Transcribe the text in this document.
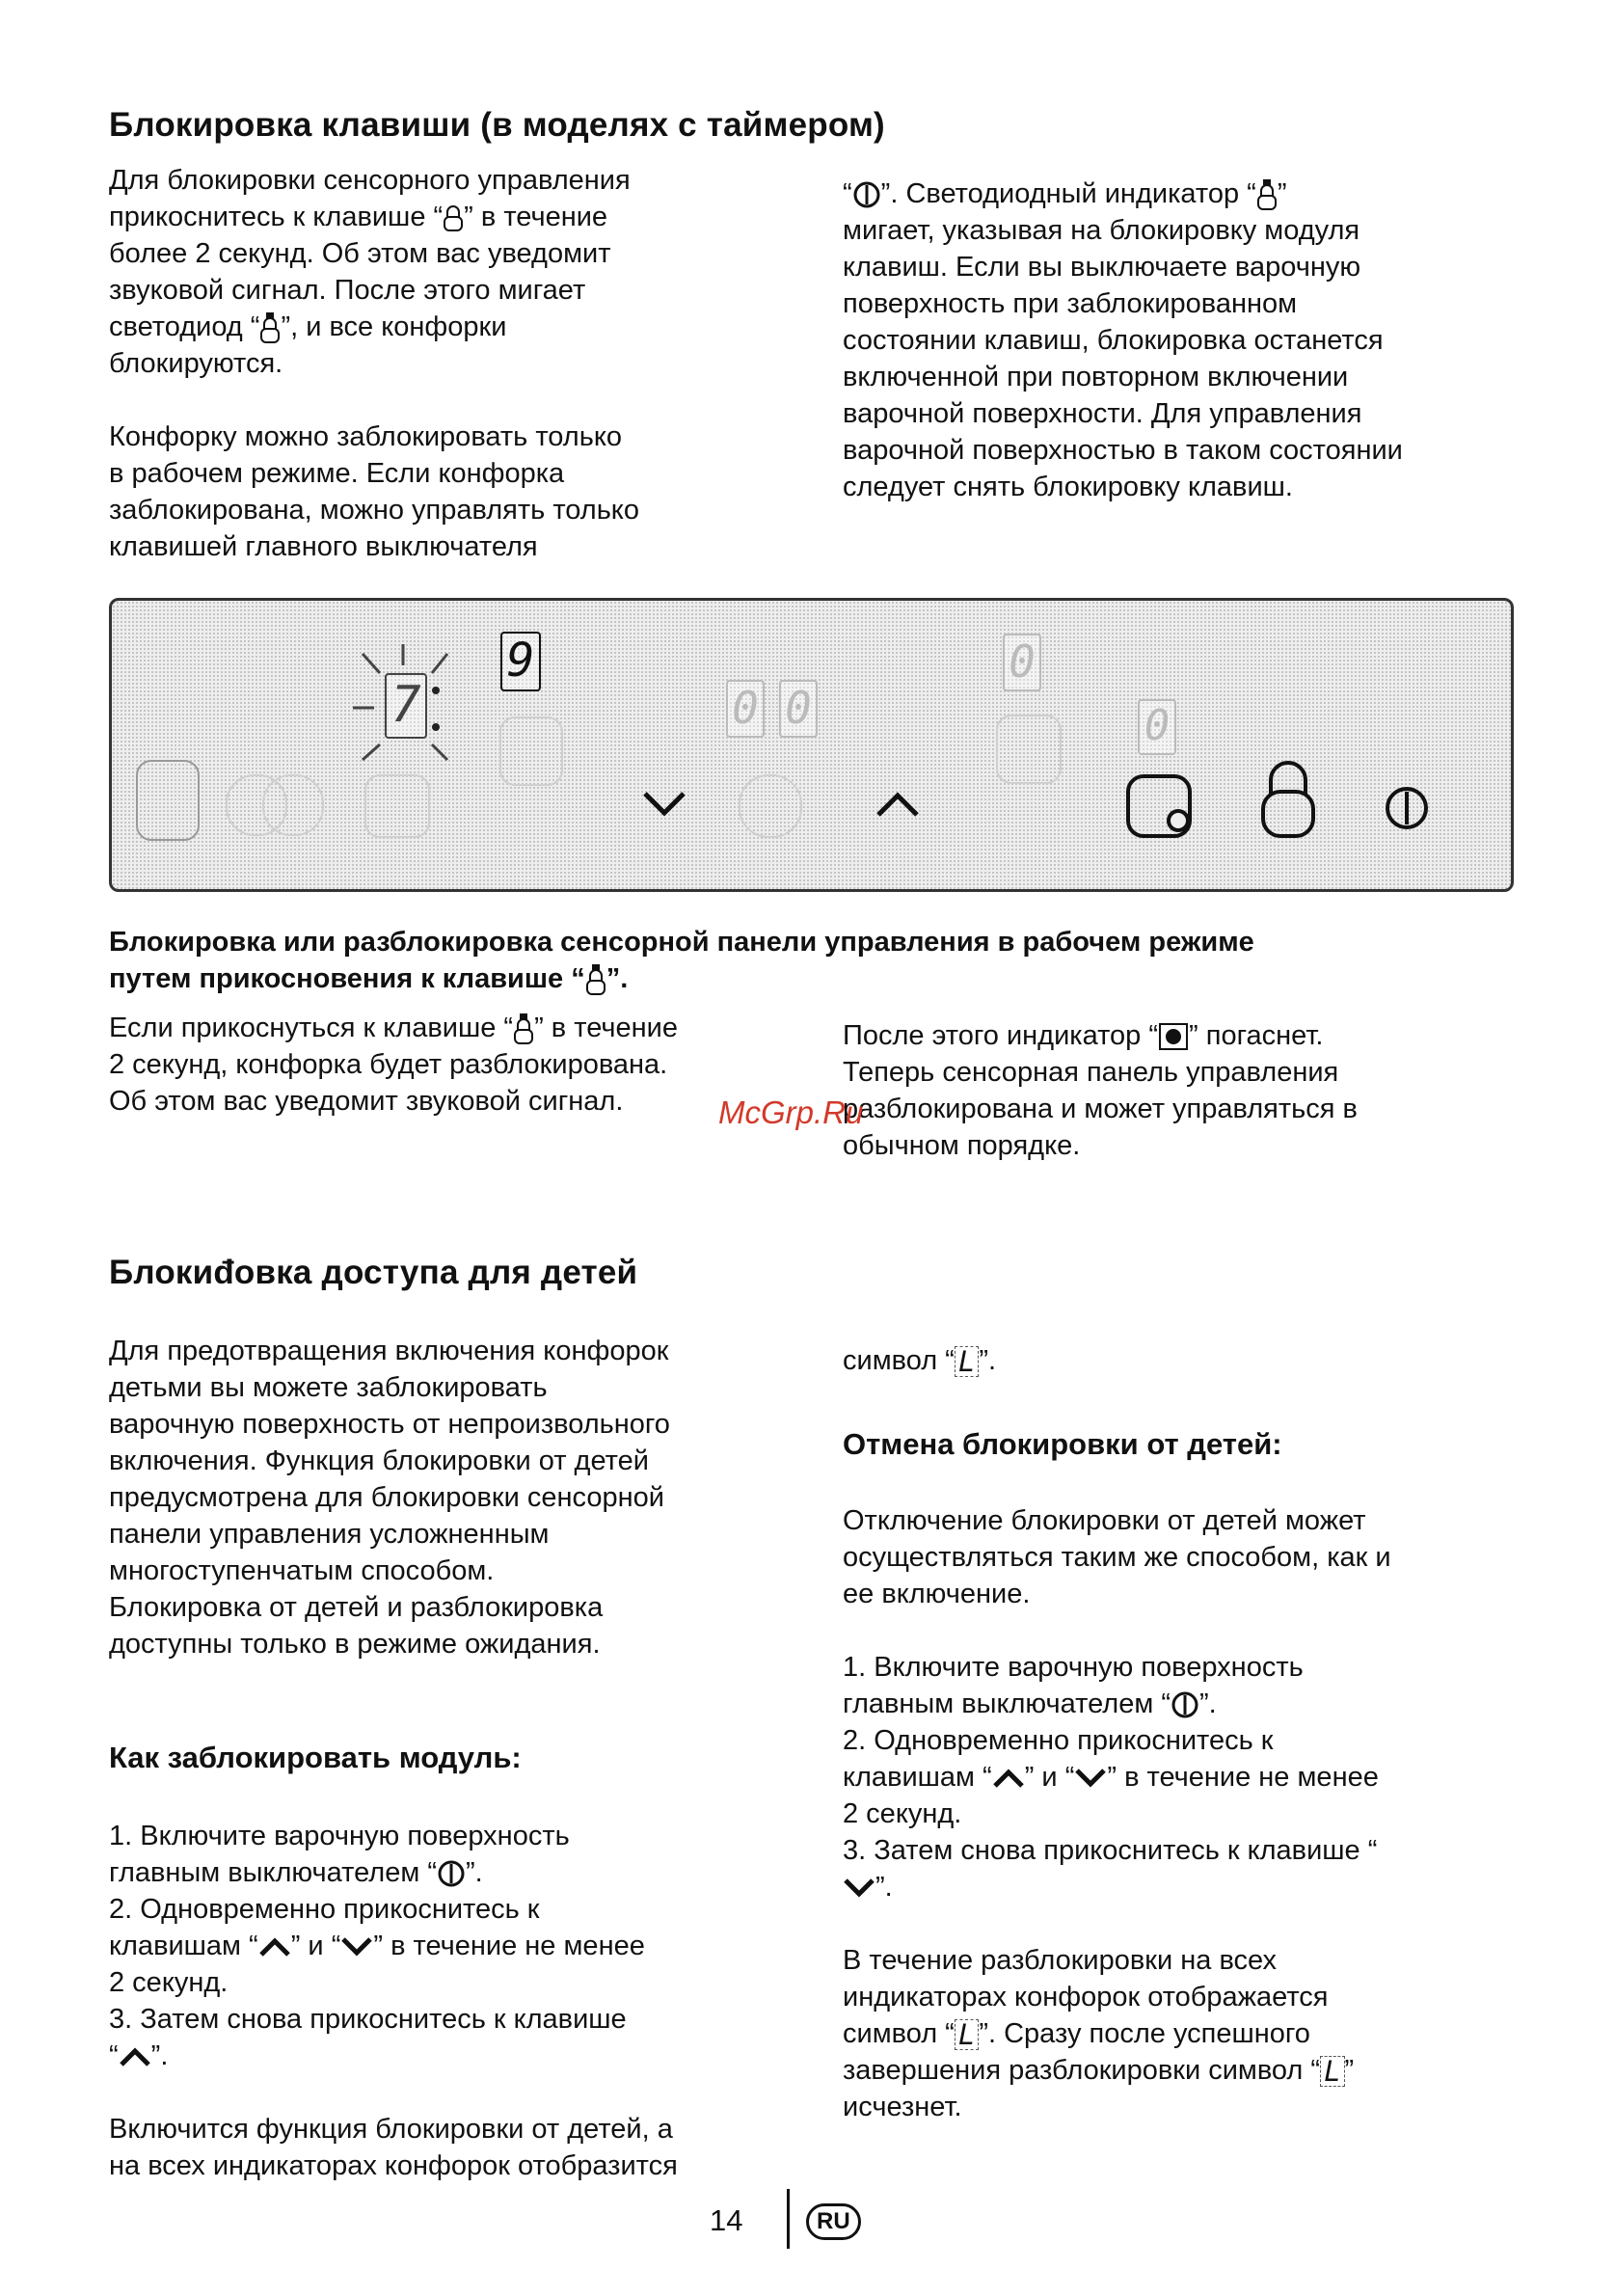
Блокировка клавиши (в моделях с таймером)
Для блокировки сенсорного управления
прикоснитесь к клавише “ ” в течение
более 2 секунд. Об этом вас уведомит
звуковой сигнал. После этого мигает
светодиод “ ”, и все конфорки
блокируются.
Конфорку можно заблокировать только
в рабочем режиме. Если конфорка
заблокирована, можно управлять только
клавишей главного выключателя
“ ”. Светодиодный индикатор “ ”
мигает, указывая на блокировку модуля
клавиш. Если вы выключаете варочную
поверхность при заблокированном
состоянии клавиш, блокировка останется
включенной при повторном включении
варочной поверхности. Для управления
варочной поверхностью в таком состоянии
следует снять блокировку клавиш.
7
9
0 0
0
0
Блокировка или разблокировка сенсорной панели управления в рабочем режиме
путем прикосновения к клавише “ ”.
Если прикоснуться к клавише “ ” в течение
2 секунд, конфорка будет разблокирована.
Об этом вас уведомит звуковой сигнал.
После этого индикатор “ ” погаснет.
Теперь сенсорная панель управления
разблокирована и может управляться в
обычном порядке.
McGrp.Ru
Блокиđовка доступа для детей
Для предотвращения включения конфорок
детьми вы можете заблокировать
варочную поверхность от непроизвольного
включения. Функция блокировки от детей
предусмотрена для блокировки сенсорной
панели управления усложненным
многоступенчатым способом.
Блокировка от детей и разблокировка
доступны только в режиме ожидания.
Как заблокировать модуль:
1. Включите варочную поверхность
главным выключателем “ ”.
2. Одновременно прикоснитесь к
клавишам “ ” и “ ” в течение не менее
2 секунд.
3. Затем снова прикоснитесь к клавише
“ ”.
Включится функция блокировки от детей, а
на всех индикаторах конфорок отобразится
символ “ L ”.
Отмена блокировки от детей:
Отключение блокировки от детей может
осуществляться таким же способом, как и
ее включение.
1. Включите варочную поверхность
главным выключателем “ ”.
2. Одновременно прикоснитесь к
клавишам “ ” и “ ” в течение не менее
2 секунд.
3. Затем снова прикоснитесь к клавише “
”.
В течение разблокировки на всех
индикаторах конфорок отображается
символ “ L ”. Сразу после успешного
завершения разблокировки символ “ L ”
исчезнет.
14	RU
